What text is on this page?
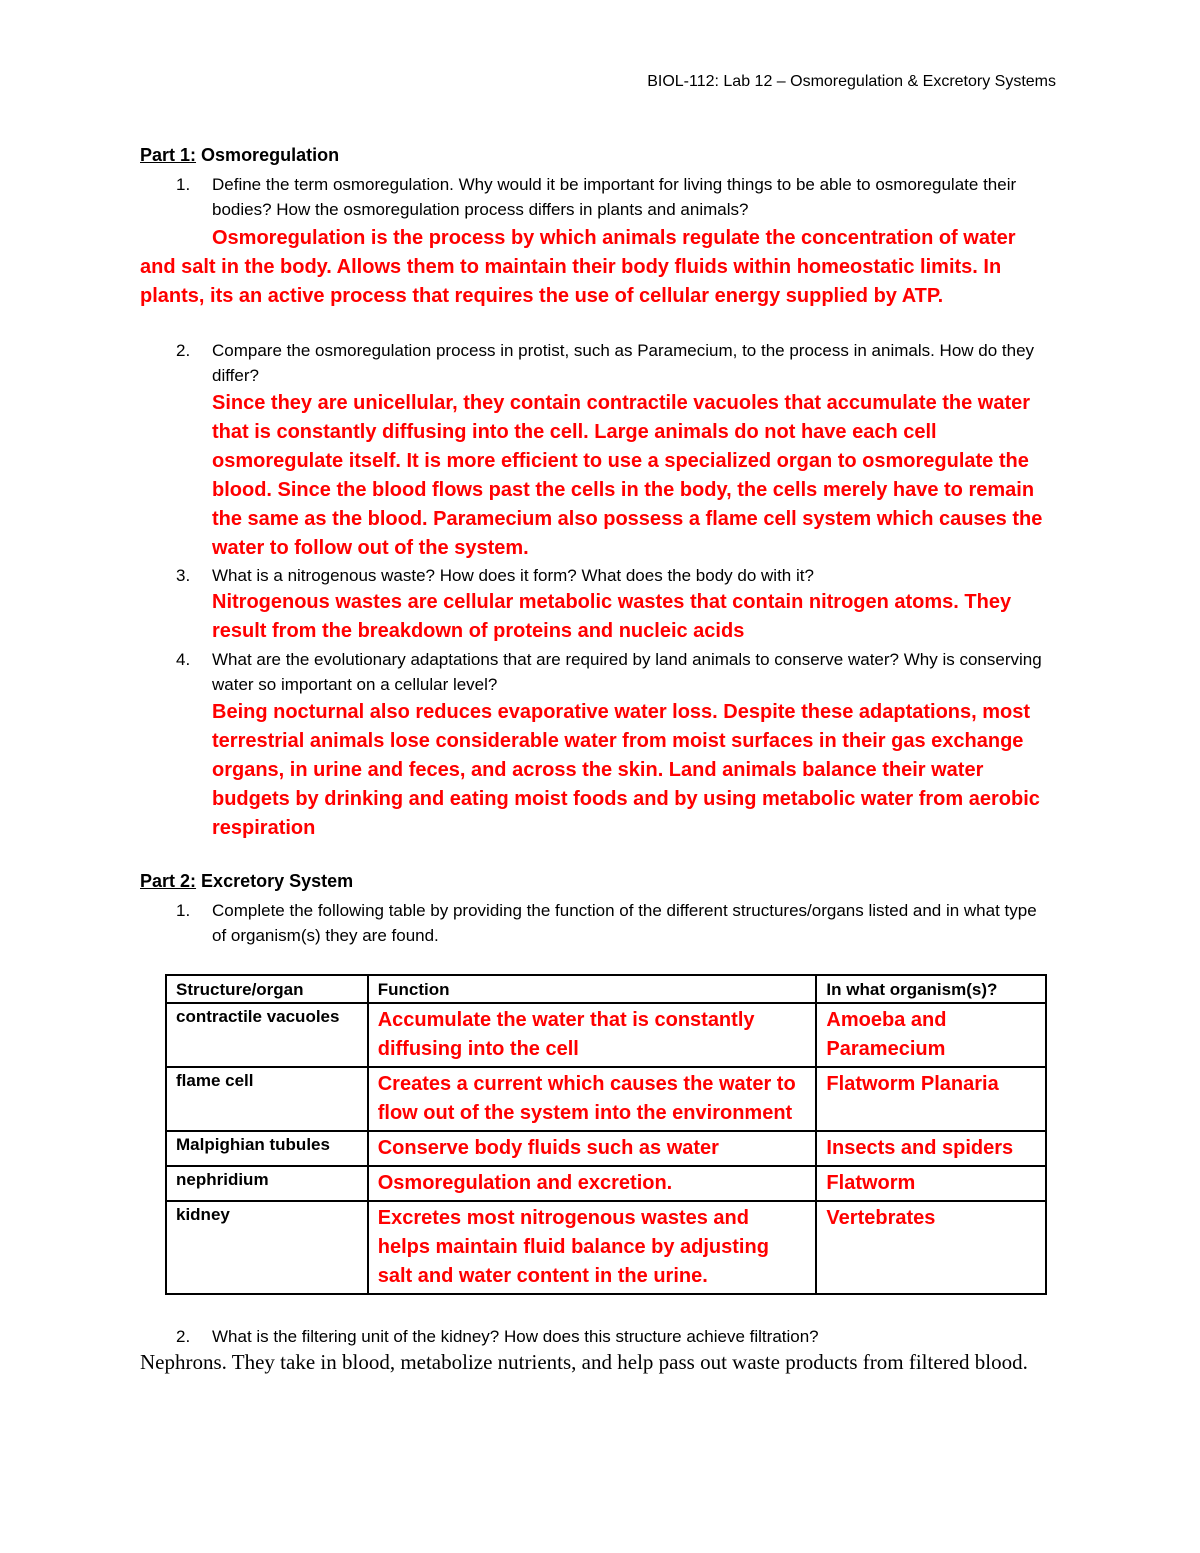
BIOL-112: Lab 12 – Osmoregulation & Excretory Systems
Part 1: Osmoregulation
1. Define the term osmoregulation. Why would it be important for living things to be able to osmoregulate their bodies? How the osmoregulation process differs in plants and animals?
Osmoregulation is the process by which animals regulate the concentration of water and salt in the body. Allows them to maintain their body fluids within homeostatic limits. In plants, its an active process that requires the use of cellular energy supplied by ATP.
2. Compare the osmoregulation process in protist, such as Paramecium, to the process in animals. How do they differ?
Since they are unicellular, they contain contractile vacuoles that accumulate the water that is constantly diffusing into the cell. Large animals do not have each cell osmoregulate itself. It is more efficient to use a specialized organ to osmoregulate the blood. Since the blood flows past the cells in the body, the cells merely have to remain the same as the blood. Paramecium also possess a flame cell system which causes the water to follow out of the system.
3. What is a nitrogenous waste? How does it form? What does the body do with it?
Nitrogenous wastes are cellular metabolic wastes that contain nitrogen atoms. They result from the breakdown of proteins and nucleic acids
4. What are the evolutionary adaptations that are required by land animals to conserve water? Why is conserving water so important on a cellular level?
Being nocturnal also reduces evaporative water loss. Despite these adaptations, most terrestrial animals lose considerable water from moist surfaces in their gas exchange organs, in urine and feces, and across the skin. Land animals balance their water budgets by drinking and eating moist foods and by using metabolic water from aerobic respiration
Part 2: Excretory System
1. Complete the following table by providing the function of the different structures/organs listed and in what type of organism(s) they are found.
Structure/organ	Function	In what organism(s)?
contractile vacuoles	Accumulate the water that is constantly diffusing into the cell	Amoeba and Paramecium
flame cell	Creates a current which causes the water to flow out of the system into the environment	Flatworm Planaria
Malpighian tubules	Conserve body fluids such as water	Insects and spiders
nephridium	Osmoregulation and excretion.	Flatworm
kidney	Excretes most nitrogenous wastes and helps maintain fluid balance by adjusting salt and water content in the urine.	Vertebrates
2. What is the filtering unit of the kidney? How does this structure achieve filtration?
Nephrons. They take in blood, metabolize nutrients, and help pass out waste products from filtered blood.
